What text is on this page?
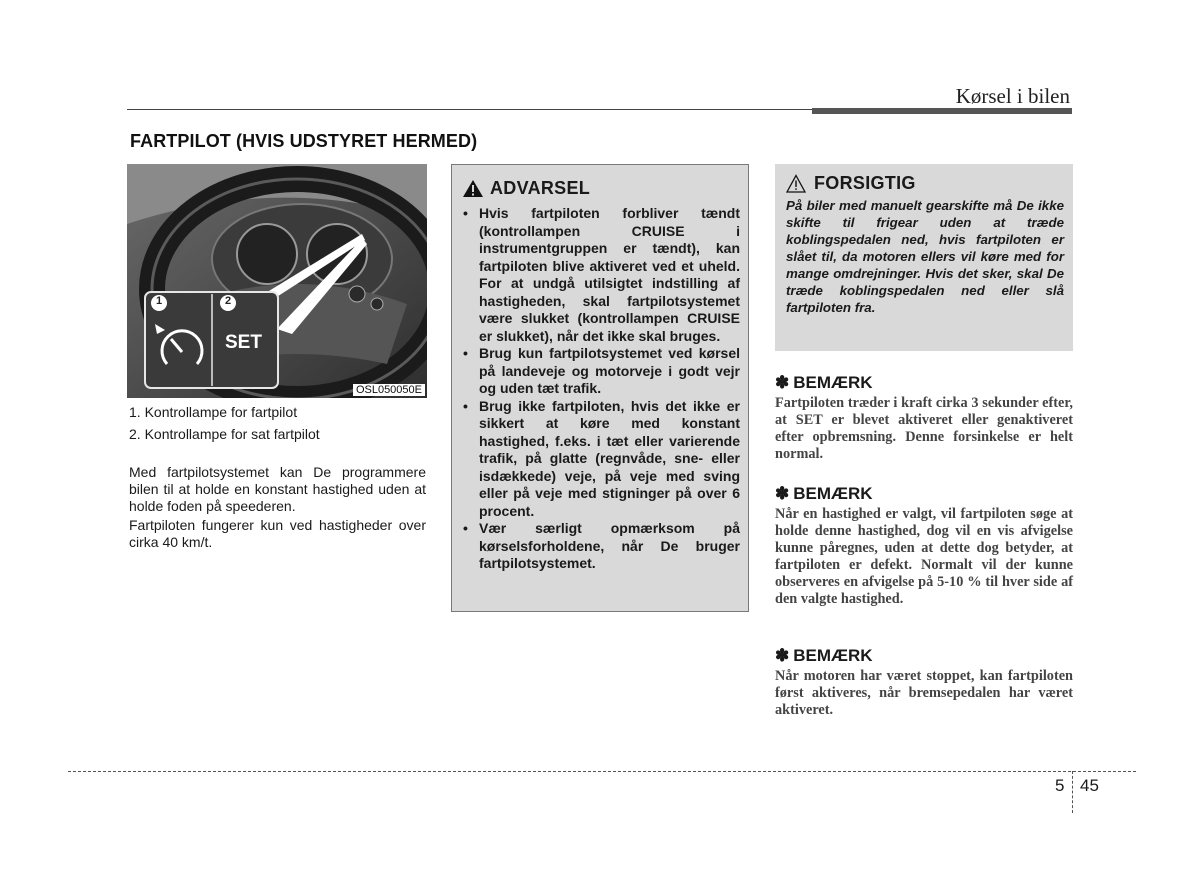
Kørsel i bilen
FARTPILOT (HVIS UDSTYRET HERMED)
1	2
SET
OSL050050E
1. Kontrollampe for fartpilot
2. Kontrollampe for sat fartpilot

Med fartpilotsystemet kan De programmere bilen til at holde en konstant hastighed uden at holde foden på speederen.

Fartpiloten fungerer kun ved hastigheder over cirka 40 km/t.

ADVARSEL
• Hvis fartpiloten forbliver tændt (kontrollampen CRUISE i instrumentgruppen er tændt), kan fartpiloten blive aktiveret ved et uheld. For at undgå utilsigtet indstilling af hastigheden, skal fartpilotsystemet være slukket (kontrollampen CRUISE er slukket), når det ikke skal bruges.
• Brug kun fartpilotsystemet ved kørsel på landeveje og motorveje i godt vejr og uden tæt trafik.
• Brug ikke fartpiloten, hvis det ikke er sikkert at køre med konstant hastighed, f.eks. i tæt eller varierende trafik, på glatte (regnvåde, sne- eller isdækkede) veje, på veje med sving eller på veje med stigninger på over 6 procent.
• Vær særligt opmærksom på kørselsforholdene, når De bruger fartpilotsystemet.
FORSIGTIG

På biler med manuelt gearskifte må De ikke skifte til frigear uden at træde koblingspedalen ned, hvis fartpiloten er slået til, da motoren ellers vil køre med for mange omdrejninger. Hvis det sker, skal De træde koblingspedalen ned eller slå fartpiloten fra.

✽ BEMÆRK

Fartpiloten træder i kraft cirka 3 sekunder efter, at SET er blevet aktiveret eller genaktiveret efter opbremsning. Denne forsinkelse er helt normal.

✽ BEMÆRK

Når en hastighed er valgt, vil fartpiloten søge at holde denne hastighed, dog vil en vis afvigelse kunne påregnes, uden at dette dog betyder, at fartpiloten er defekt. Normalt vil der kunne observeres en afvigelse på 5-10 % til hver side af den valgte hastighed.

✽ BEMÆRK

Når motoren har været stoppet, kan fartpiloten først aktiveres, når bremsepedalen har været aktiveret.

5 45
